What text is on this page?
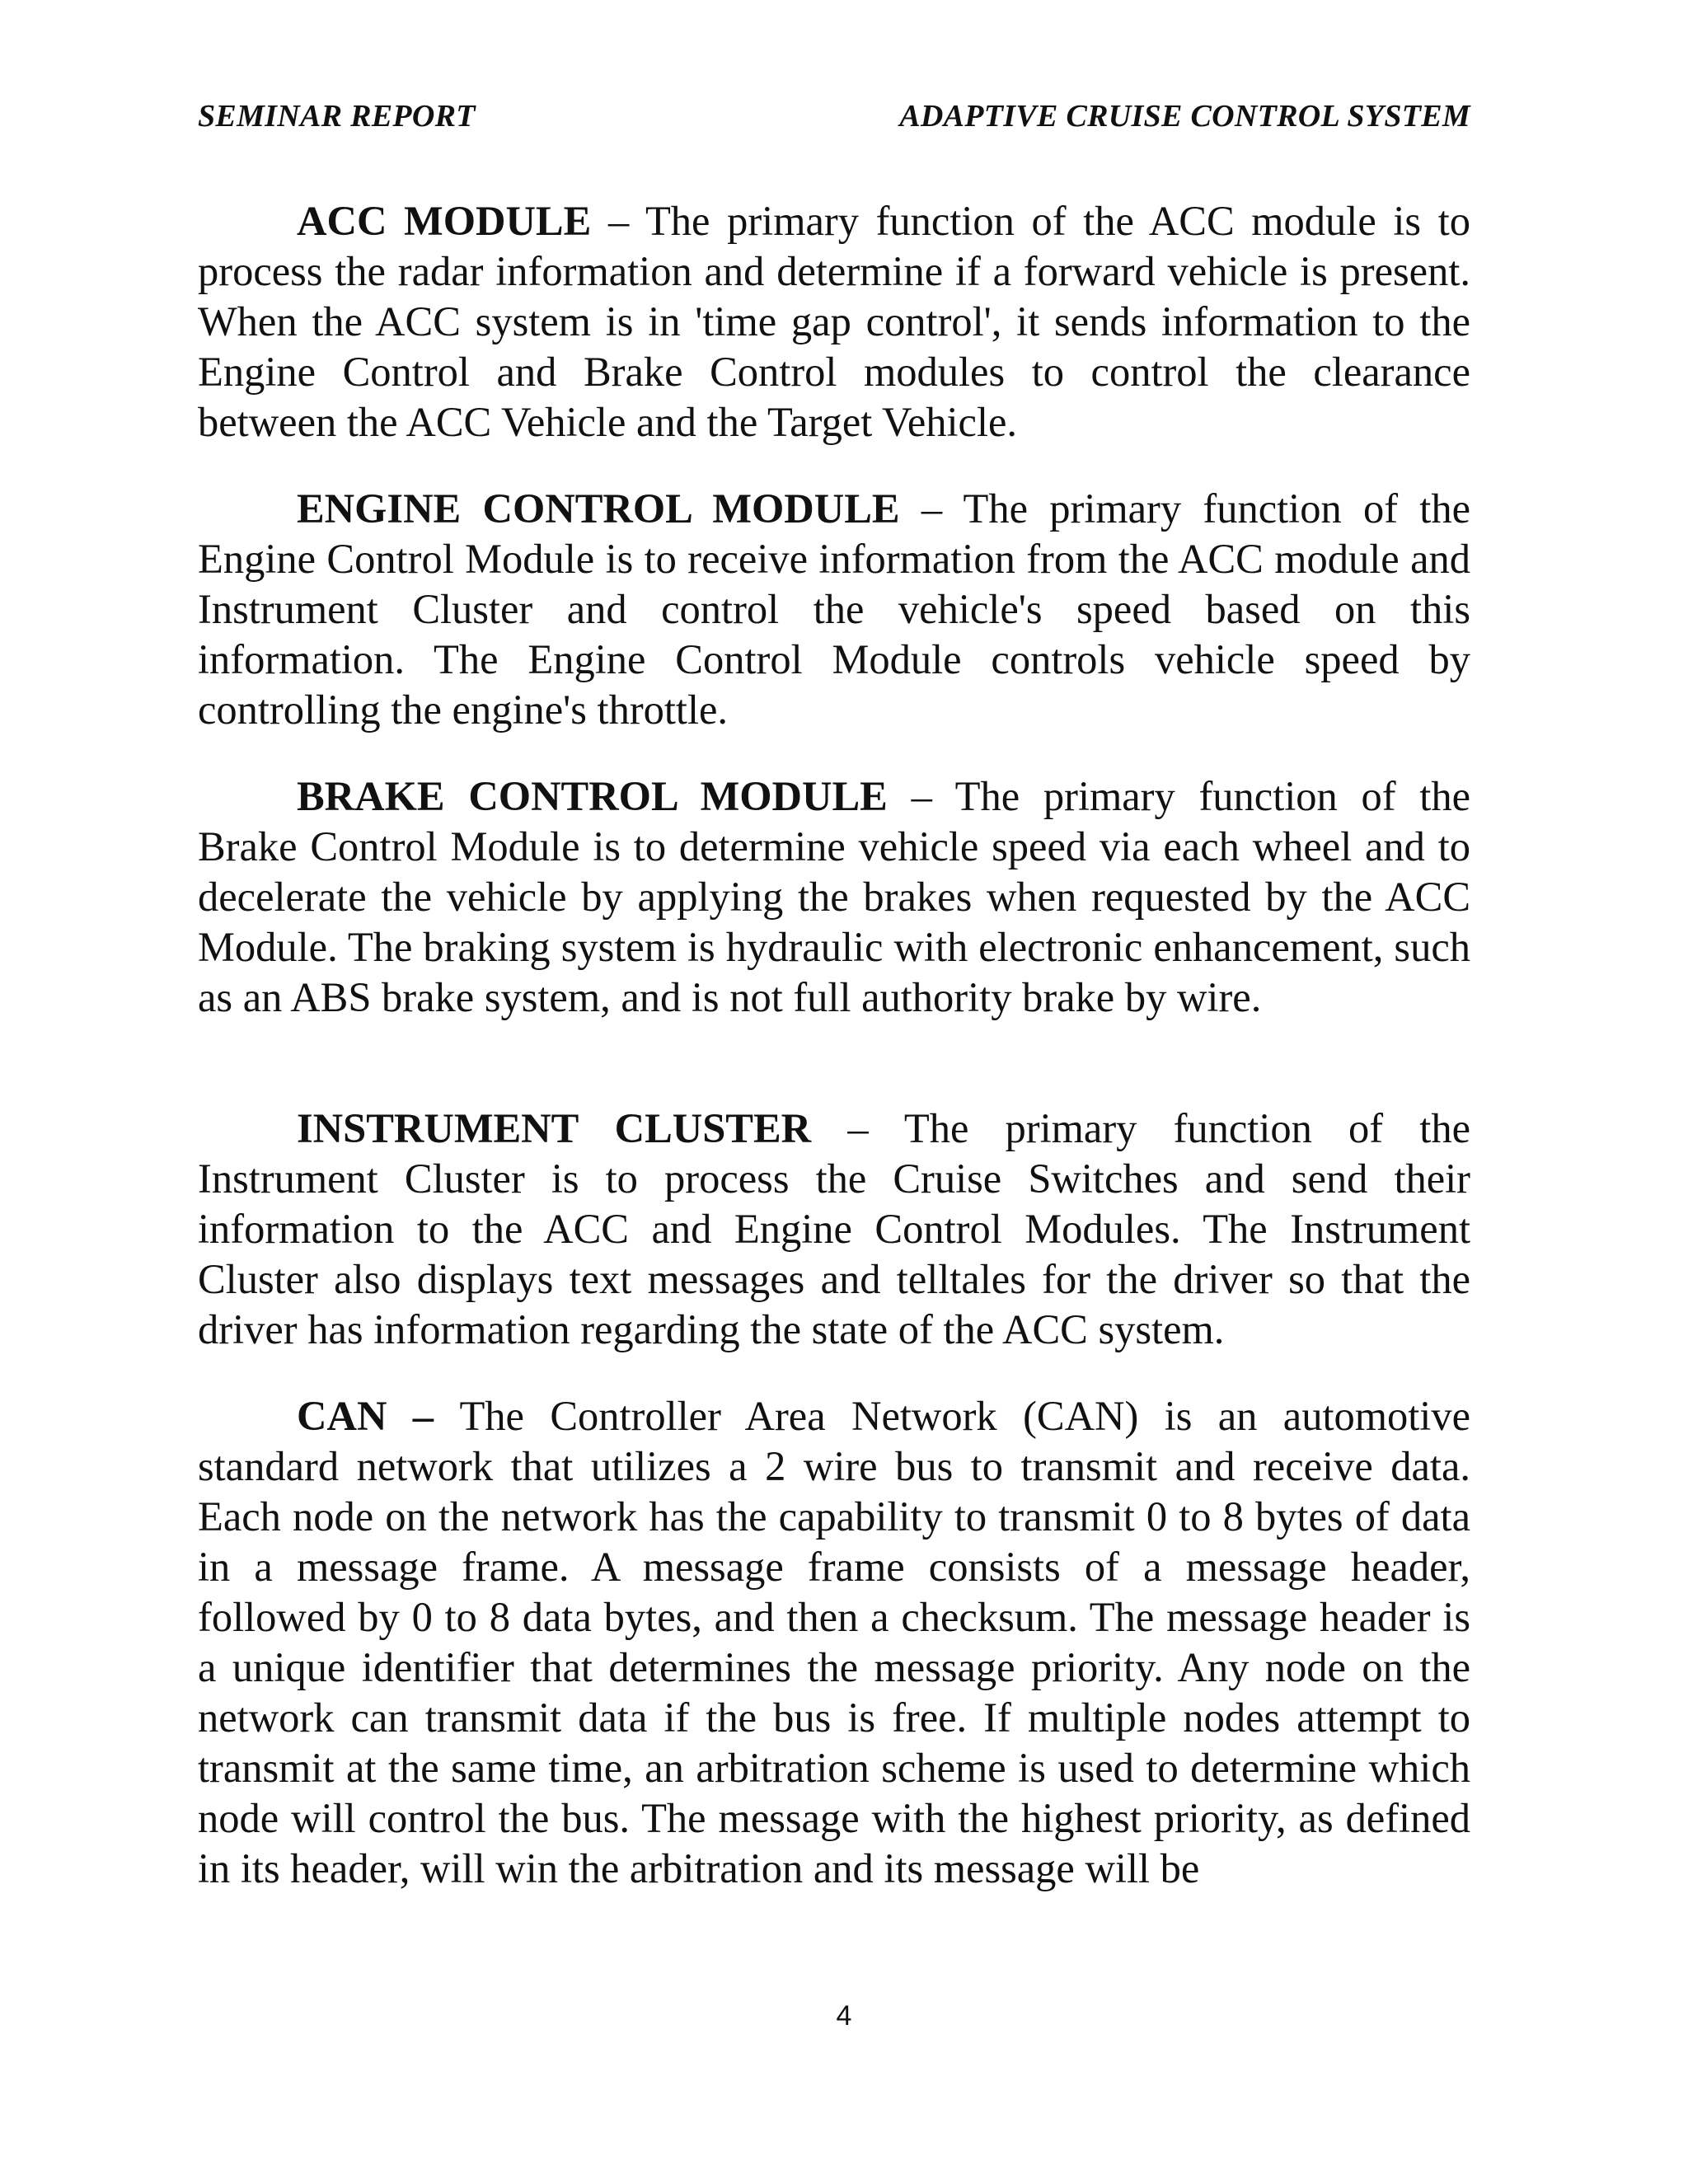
SEMINAR REPORT	ADAPTIVE CRUISE CONTROL SYSTEM

ACC MODULE – The primary function of the ACC module is to process the radar information and determine if a forward vehicle is present. When the ACC system is in 'time gap control', it sends information to the Engine Control and Brake Control modules to control the clearance between the ACC Vehicle and the Target Vehicle.

ENGINE CONTROL MODULE – The primary function of the Engine Control Module is to receive information from the ACC module and Instrument Cluster and control the vehicle's speed based on this information. The Engine Control Module controls vehicle speed by controlling the engine's throttle.

BRAKE CONTROL MODULE – The primary function of the Brake Control Module is to determine vehicle speed via each wheel and to decelerate the vehicle by applying the brakes when requested by the ACC Module. The braking system is hydraulic with electronic enhancement, such as an ABS brake system, and is not full authority brake by wire.

INSTRUMENT CLUSTER – The primary function of the Instrument Cluster is to process the Cruise Switches and send their information to the ACC and Engine Control Modules. The Instrument Cluster also displays text messages and telltales for the driver so that the driver has information regarding the state of the ACC system.

CAN – The Controller Area Network (CAN) is an automotive standard network that utilizes a 2 wire bus to transmit and receive data. Each node on the network has the capability to transmit 0 to 8 bytes of data in a message frame. A message frame consists of a message header, followed by 0 to 8 data bytes, and then a checksum. The message header is a unique identifier that determines the message priority. Any node on the network can transmit data if the bus is free. If multiple nodes attempt to transmit at the same time, an arbitration scheme is used to determine which node will control the bus. The message with the highest priority, as defined in its header, will win the arbitration and its message will be

4
